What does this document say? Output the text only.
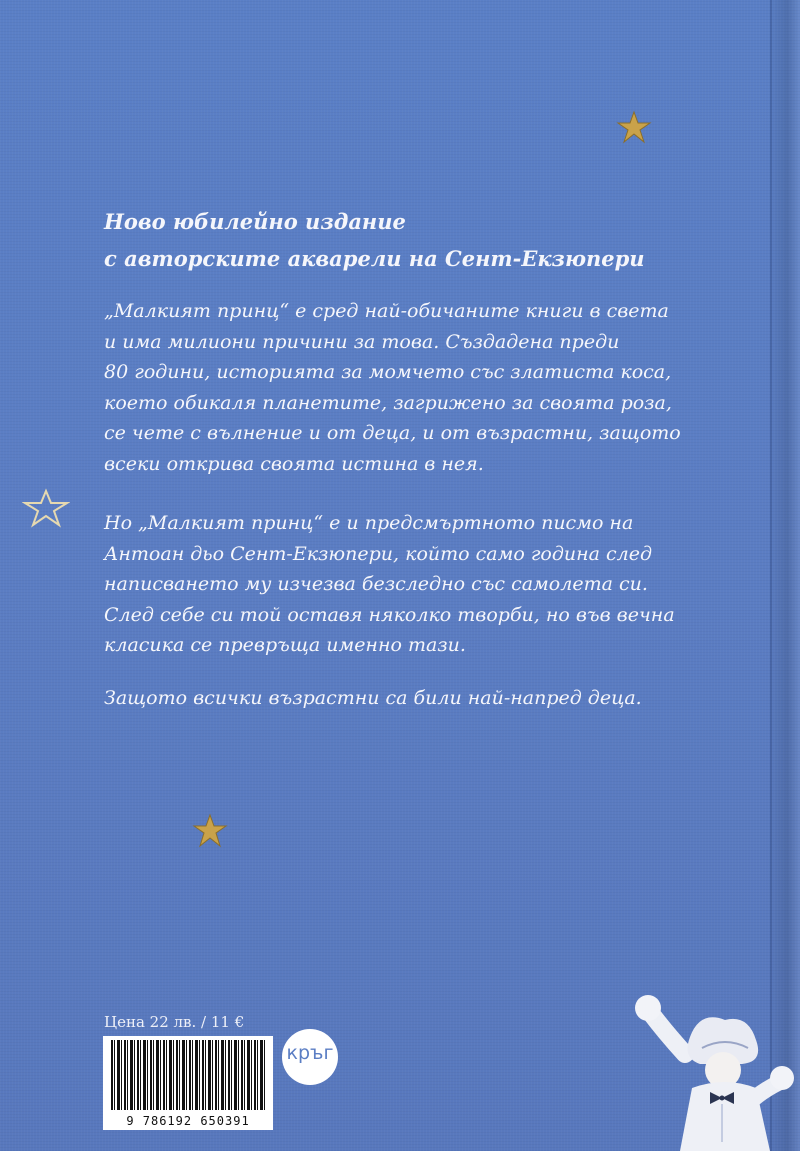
Ново юбилейно издание
с авторските акварели на Сент-Екзюпери
„Малкият принц“ е сред най-обичаните книги в света
и има милиони причини за това. Създадена преди
80 години, историята за момчето със златиста коса,
което обикаля планетите, загрижено за своята роза,
се чете с вълнение и от деца, и от възрастни, защото
всеки открива своята истина в нея.
Но „Малкият принц“ е и предсмъртното писмо на
Антоан дьо Сент-Екзюпери, който само година след
написването му изчезва безследно със самолета си.
След себе си той оставя няколко творби, но във вечна
класика се превръща именно тази.
Защото всички възрастни са били най-напред деца.
Цена 22 лв. / 11 €
9 786192 650391
кръг
